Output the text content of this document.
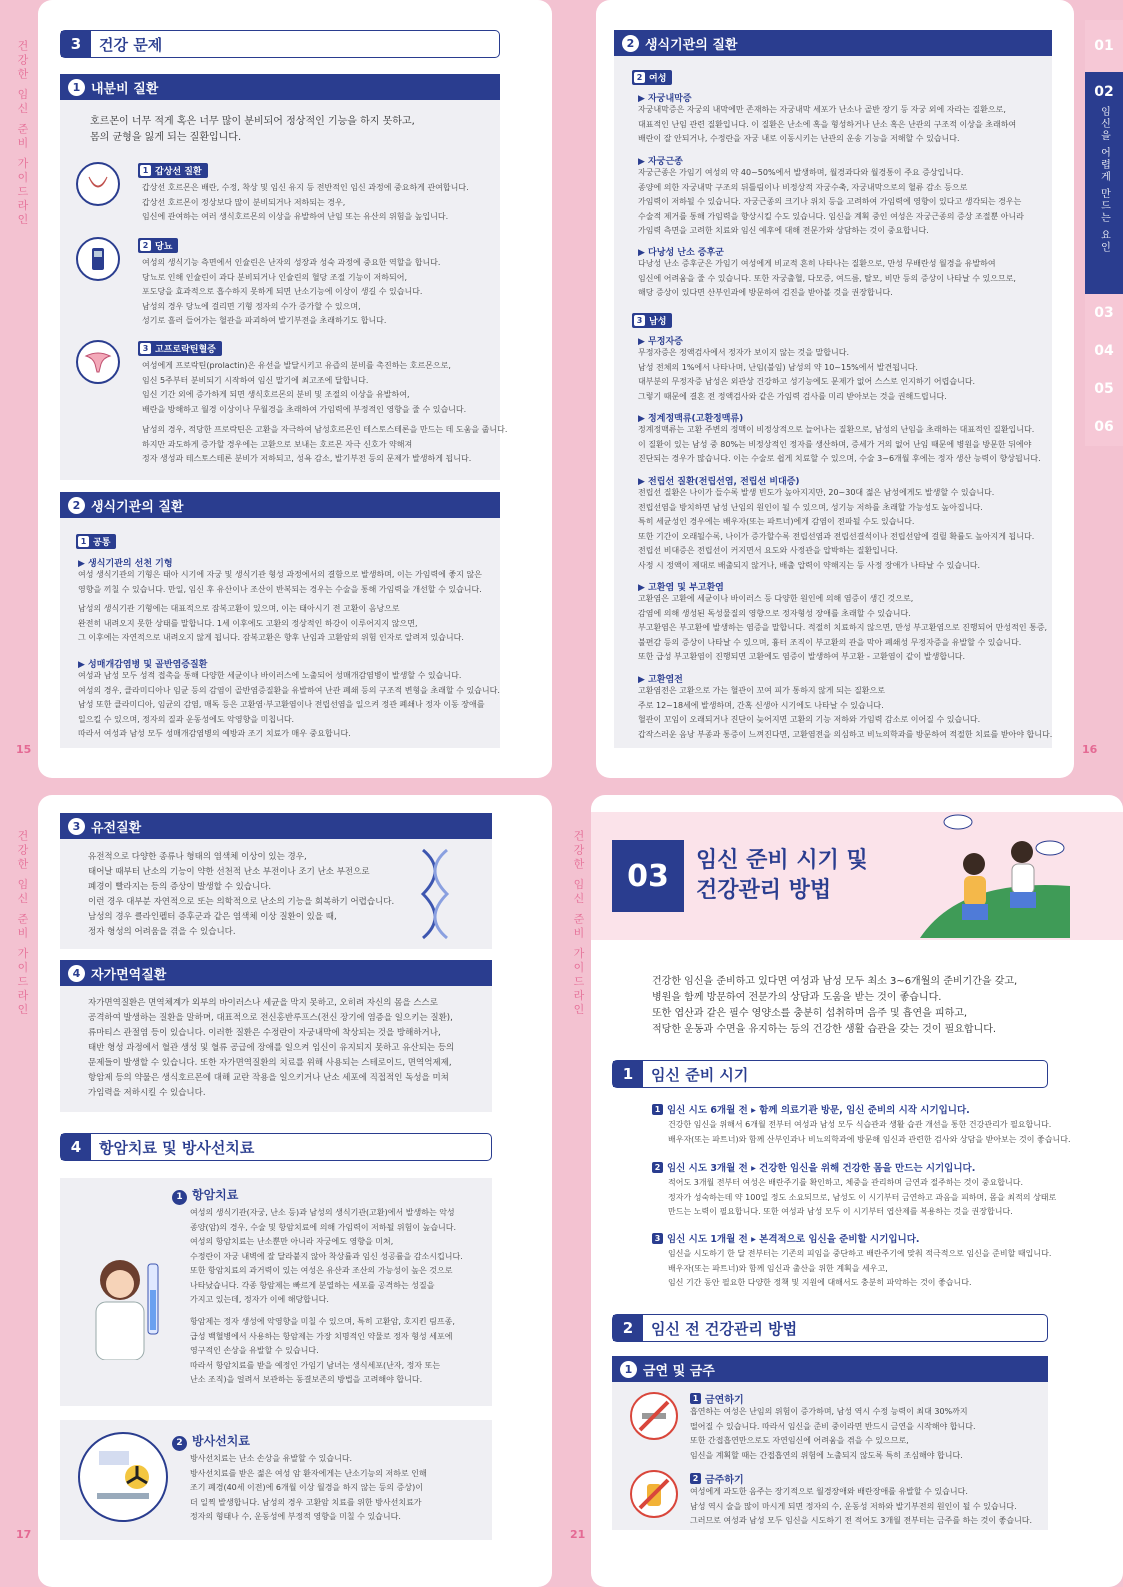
건강한 임신 준비 가이드라인
15
3	건강 문제
1 내분비 질환
호르몬이 너무 적게 혹은 너무 많이 분비되어 정상적인 기능을 하지 못하고,
몸의 균형을 잃게 되는 질환입니다.
1 갑상선 질환
갑상선 호르몬은 배란, 수정, 착상 및 임신 유지 등 전반적인 임신 과정에 중요하게 관여합니다.
갑상선 호르몬이 정상보다 많이 분비되거나 저하되는 경우,
임신에 관여하는 여러 생식호르몬의 이상을 유발하여 난임 또는 유산의 위험을 높입니다.
2 당뇨
여성의 생식기능 측면에서 인슐린은 난자의 성장과 성숙 과정에 중요한 역할을 합니다.
당뇨로 인해 인슐린이 과다 분비되거나 인슐린의 혈당 조절 기능이 저하되어,
포도당을 효과적으로 흡수하지 못하게 되면 난소기능에 이상이 생길 수 있습니다.
남성의 경우 당뇨에 걸리면 기형 정자의 수가 증가할 수 있으며,
성기로 흘러 들어가는 혈관을 파괴하여 발기부전을 초래하기도 합니다.
3 고프로락틴혈증
여성에게 프로락틴(prolactin)은 유선을 발달시키고 유즙의 분비를 촉진하는 호르몬으로,
임신 5주부터 분비되기 시작하여 임신 말기에 최고조에 달합니다.
임신 기간 외에 증가하게 되면 생식호르몬의 분비 및 조절의 이상을 유발하여,
배란을 방해하고 월경 이상이나 무월경을 초래하여 가임력에 부정적인 영향을 줄 수 있습니다.
남성의 경우, 적당한 프로락틴은 고환을 자극하여 남성호르몬인 테스토스테론을 만드는 데 도움을 줍니다.
하지만 과도하게 증가할 경우에는 고환으로 보내는 호르몬 자극 신호가 약해져
정자 생성과 테스토스테론 분비가 저하되고, 성욕 감소, 발기부전 등의 문제가 발생하게 됩니다.
2 생식기관의 질환
1 공통
▶ 생식기관의 선천 기형
여성 생식기관의 기형은 태아 시기에 자궁 및 생식기관 형성 과정에서의 결함으로 발생하며, 이는 가임력에 좋지 않은
영향을 끼칠 수 있습니다. 만일, 임신 후 유산이나 조산이 반복되는 경우는 수술을 통해 가임력을 개선할 수 있습니다.
남성의 생식기관 기형에는 대표적으로 잠복고환이 있으며, 이는 태아시기 전 고환이 음낭으로
완전히 내려오지 못한 상태를 말합니다. 1세 이후에도 고환의 정상적인 하강이 이루어지지 않으면,
그 이후에는 자연적으로 내려오지 않게 됩니다. 잠복고환은 향후 난임과 고환암의 위험 인자로 알려져 있습니다.
▶ 성매개감염병 및 골반염증질환
여성과 남성 모두 성적 접촉을 통해 다양한 세균이나 바이러스에 노출되어 성매개감염병이 발생할 수 있습니다.
여성의 경우, 클라미디아나 임균 등의 감염이 골반염증질환을 유발하여 난관 폐쇄 등의 구조적 변형을 초래할 수 있습니다.
남성 또한 클라미디아, 임균의 감염, 매독 등은 고환염·부고환염이나 전립선염을 일으켜 정관 폐쇄나 정자 이동 장애를
일으킬 수 있으며, 정자의 질과 운동성에도 악영향을 미칩니다.
따라서 여성과 남성 모두 성매개감염병의 예방과 조기 치료가 매우 중요합니다.
01
02
임신을 어렵게 만드는 요인
03
04
05
06
16
2 생식기관의 질환
2 여성
▶ 자궁내막증
자궁내막증은 자궁의 내막에만 존재하는 자궁내막 세포가 난소나 골반 장기 등 자궁 외에 자라는 질환으로,
대표적인 난임 관련 질환입니다. 이 질환은 난소에 혹을 형성하거나 난소 혹은 난관의 구조적 이상을 초래하여
배란이 잘 안되거나, 수정란을 자궁 내로 이동시키는 난관의 운송 기능을 저해할 수 있습니다.
▶ 자궁근종
자궁근종은 가임기 여성의 약 40~50%에서 발생하며, 월경과다와 월경통이 주요 증상입니다.
종양에 의한 자궁내막 구조의 뒤틀림이나 비정상적 자궁수축, 자궁내막으로의 혈류 감소 등으로
가임력이 저하될 수 있습니다. 자궁근종의 크기나 위치 등을 고려하여 가임력에 영향이 있다고 생각되는 경우는
수술적 제거를 통해 가임력을 향상시킬 수도 있습니다. 임신을 계획 중인 여성은 자궁근종의 증상 조절뿐 아니라
가임력 측면을 고려한 치료와 임신 예후에 대해 전문가와 상담하는 것이 중요합니다.
▶ 다낭성 난소 증후군
다낭성 난소 증후군은 가임기 여성에게 비교적 흔히 나타나는 질환으로, 만성 무배란성 월경을 유발하여
임신에 어려움을 줄 수 있습니다. 또한 자궁출혈, 다모증, 여드름, 탈모, 비만 등의 증상이 나타날 수 있으므로,
해당 증상이 있다면 산부인과에 방문하여 검진을 받아볼 것을 권장합니다.
3 남성
▶ 무정자증
무정자증은 정액검사에서 정자가 보이지 않는 것을 말합니다.
남성 전체의 1%에서 나타나며, 난임(불임) 남성의 약 10~15%에서 발견됩니다.
대부분의 무정자증 남성은 외관상 건강하고 성기능에도 문제가 없어 스스로 인지하기 어렵습니다.
그렇기 때문에 결혼 전 정액검사와 같은 가임력 검사를 미리 받아보는 것을 권해드립니다.
▶ 정계정맥류(고환정맥류)
정계정맥류는 고환 주변의 정맥이 비정상적으로 늘어나는 질환으로, 남성의 난임을 초래하는 대표적인 질환입니다.
이 질환이 있는 남성 중 80%는 비정상적인 정자를 생산하며, 증세가 거의 없어 난임 때문에 병원을 방문한 뒤에야
진단되는 경우가 많습니다. 이는 수술로 쉽게 치료할 수 있으며, 수술 3~6개월 후에는 정자 생산 능력이 향상됩니다.
▶ 전립선 질환(전립선염, 전립선 비대증)
전립선 질환은 나이가 들수록 발생 빈도가 높아지지만, 20~30대 젊은 남성에게도 발생할 수 있습니다.
전립선염을 방치하면 남성 난임의 원인이 될 수 있으며, 성기능 저하를 초래할 가능성도 높아집니다.
특히 세균성인 경우에는 배우자(또는 파트너)에게 감염이 전파될 수도 있습니다.
또한 기간이 오래될수록, 나이가 증가할수록 전립선염과 전립선결석이나 전립선암에 걸릴 확률도 높아지게 됩니다.
전립선 비대증은 전립선이 커지면서 요도와 사정관을 압박하는 질환입니다.
사정 시 정액이 제대로 배출되지 않거나, 배출 압력이 약해지는 등 사정 장애가 나타날 수 있습니다.
▶ 고환염 및 부고환염
고환염은 고환에 세균이나 바이러스 등 다양한 원인에 의해 염증이 생긴 것으로,
감염에 의해 생성된 독성물질의 영향으로 정자형성 장애를 초래할 수 있습니다.
부고환염은 부고환에 발생하는 염증을 말합니다. 적절히 치료하지 않으면, 만성 부고환염으로 진행되어 만성적인 통증,
불편감 등의 증상이 나타날 수 있으며, 흉터 조직이 부고환의 관을 막아 폐쇄성 무정자증을 유발할 수 있습니다.
또한 급성 부고환염이 진행되면 고환에도 염증이 발생하여 부고환 - 고환염이 같이 발생합니다.
▶ 고환염전
고환염전은 고환으로 가는 혈관이 꼬여 피가 통하지 않게 되는 질환으로
주로 12~18세에 발생하며, 간혹 신생아 시기에도 나타날 수 있습니다.
혈관이 꼬임이 오래되거나 진단이 늦어지면 고환의 기능 저하와 가임력 감소로 이어질 수 있습니다.
갑작스러운 음낭 부종과 통증이 느껴진다면, 고환염전을 의심하고 비뇨의학과를 방문하여 적절한 치료를 받아야 합니다.
건강한 임신 준비 가이드라인
17
3 유전질환
유전적으로 다양한 종류나 형태의 염색체 이상이 있는 경우,
태어날 때부터 난소의 기능이 약한 선천적 난소 부전이나 조기 난소 부전으로
폐경이 빨라지는 등의 증상이 발생할 수 있습니다.
이런 경우 대부분 자연적으로 또는 의학적으로 난소의 기능을 회복하기 어렵습니다.
남성의 경우 클라인펠터 증후군과 같은 염색체 이상 질환이 있을 때,
정자 형성의 어려움을 겪을 수 있습니다.
4 자가면역질환
자가면역질환은 면역체계가 외부의 바이러스나 세균을 막지 못하고, 오히려 자신의 몸을 스스로
공격하여 발생하는 질환을 말하며, 대표적으로 전신홍반루프스(전신 장기에 염증을 일으키는 질환),
류마티스 관절염 등이 있습니다. 이러한 질환은 수정란이 자궁내막에 착상되는 것을 방해하거나,
태반 형성 과정에서 혈관 생성 및 혈류 공급에 장애를 일으켜 임신이 유지되지 못하고 유산되는 등의
문제들이 발생할 수 있습니다. 또한 자가면역질환의 치료를 위해 사용되는 스테로이드, 면역억제제,
항암제 등의 약물은 생식호르몬에 대해 교란 작용을 일으키거나 난소 세포에 직접적인 독성을 미쳐
가임력을 저하시킬 수 있습니다.
4	항암치료 및 방사선치료
1 항암치료
여성의 생식기관(자궁, 난소 등)과 남성의 생식기관(고환)에서 발생하는 악성
종양(암)의 경우, 수술 및 항암치료에 의해 가임력이 저하될 위험이 높습니다.
여성의 항암치료는 난소뿐만 아니라 자궁에도 영향을 미쳐,
수정란이 자궁 내벽에 잘 달라붙지 않아 착상률과 임신 성공률을 감소시킵니다.
또한 항암치료의 과거력이 있는 여성은 유산과 조산의 가능성이 높은 것으로
나타났습니다. 각종 항암제는 빠르게 분열하는 세포를 공격하는 성질을
가지고 있는데, 정자가 이에 해당합니다.
항암제는 정자 생성에 악영향을 미칠 수 있으며, 특히 고환암, 호지킨 림프종,
급성 백혈병에서 사용하는 항암제는 가장 치명적인 약물로 정자 형성 세포에
영구적인 손상을 유발할 수 있습니다.
따라서 항암치료를 받을 예정인 가임기 남녀는 생식세포(난자, 정자 또는
난소 조직)을 얼려서 보관하는 동결보존의 방법을 고려해야 합니다.
2 방사선치료
방사선치료는 난소 손상을 유발할 수 있습니다.
방사선치료를 받은 젊은 여성 암 환자에게는 난소기능의 저하로 인해
조기 폐경(40세 이전)에 6개월 이상 월경을 하지 않는 등의 증상)이
더 일찍 발생합니다. 남성의 경우 고환암 치료를 위한 방사선치료가
정자의 형태나 수, 운동성에 부정적 영향을 미칠 수 있습니다.
건강한 임신 준비 가이드라인
21
03	임신 준비 시기 및
건강관리 방법
건강한 임신을 준비하고 있다면 여성과 남성 모두 최소 3~6개월의 준비기간을 갖고,
병원을 함께 방문하여 전문가의 상담과 도움을 받는 것이 좋습니다.
또한 엽산과 같은 필수 영양소를 충분히 섭취하며 음주 및 흡연을 피하고,
적당한 운동과 수면을 유지하는 등의 건강한 생활 습관을 갖는 것이 필요합니다.
1	임신 준비 시기
1 임신 시도 6개월 전 ▸ 함께 의료기관 방문, 임신 준비의 시작 시기입니다.
건강한 임신을 위해서 6개월 전부터 여성과 남성 모두 식습관과 생활 습관 개선을 통한 건강관리가 필요합니다.
배우자(또는 파트너)와 함께 산부인과나 비뇨의학과에 방문해 임신과 관련한 검사와 상담을 받아보는 것이 좋습니다.
2 임신 시도 3개월 전 ▸ 건강한 임신을 위해 건강한 몸을 만드는 시기입니다.
적어도 3개월 전부터 여성은 배란주기를 확인하고, 체중을 관리하며 금연과 절주하는 것이 중요합니다.
정자가 성숙하는데 약 100일 정도 소요되므로, 남성도 이 시기부터 금연하고 과음을 피하며, 몸을 최적의 상태로
만드는 노력이 필요합니다. 또한 여성과 남성 모두 이 시기부터 엽산제를 복용하는 것을 권장합니다.
3 임신 시도 1개월 전 ▸ 본격적으로 임신을 준비할 시기입니다.
임신을 시도하기 한 달 전부터는 기존의 피임을 중단하고 배란주기에 맞춰 적극적으로 임신을 준비할 때입니다.
배우자(또는 파트너)와 함께 임신과 출산을 위한 계획을 세우고,
임신 기간 동안 필요한 다양한 정책 및 지원에 대해서도 충분히 파악하는 것이 좋습니다.
2	임신 전 건강관리 방법
1 금연 및 금주
1 금연하기
흡연하는 여성은 난임의 위험이 증가하며, 남성 역시 수정 능력이 최대 30%까지
떨어질 수 있습니다. 따라서 임신을 준비 중이라면 반드시 금연을 시작해야 합니다.
또한 간접흡연만으로도 자연임신에 어려움을 겪을 수 있으므로,
임신을 계획할 때는 간접흡연의 위험에 노출되지 않도록 특히 조심해야 합니다.
2 금주하기
여성에게 과도한 음주는 장기적으로 월경장애와 배란장애를 유발할 수 있습니다.
남성 역시 술을 많이 마시게 되면 정자의 수, 운동성 저하와 발기부전의 원인이 될 수 있습니다.
그러므로 여성과 남성 모두 임신을 시도하기 전 적어도 3개월 전부터는 금주를 하는 것이 좋습니다.
